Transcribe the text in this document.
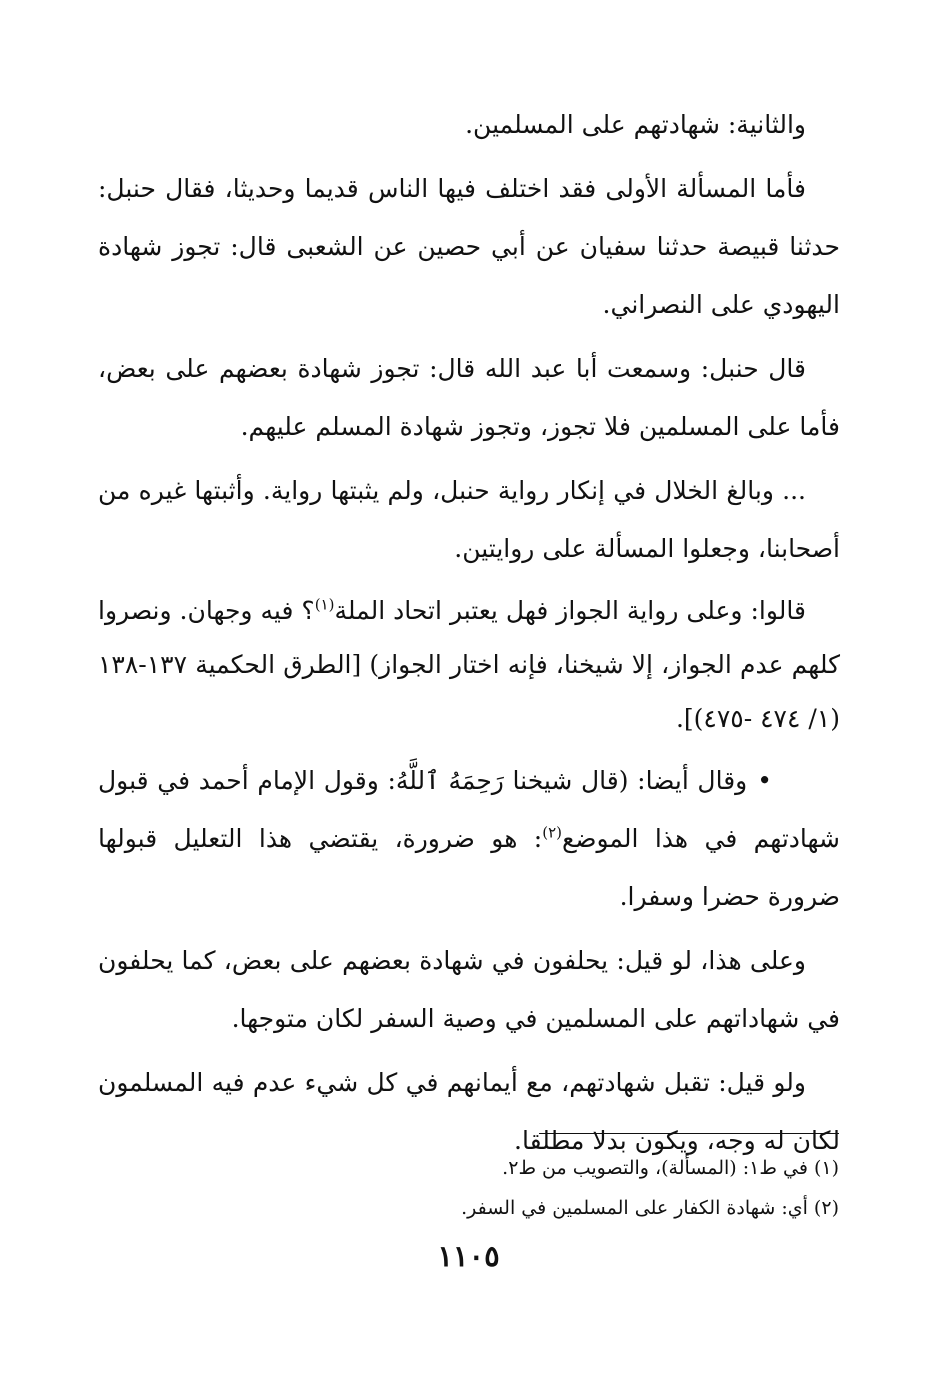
والثانية: شهادتهم على المسلمين.

فأما المسألة الأولى فقد اختلف فيها الناس قديما وحديثا، فقال حنبل: حدثنا قبيصة حدثنا سفيان عن أبي حصين عن الشعبى قال: تجوز شهادة اليهودي على النصراني.

قال حنبل: وسمعت أبا عبد الله قال: تجوز شهادة بعضهم على بعض، فأما على المسلمين فلا تجوز، وتجوز شهادة المسلم عليهم.

... وبالغ الخلال في إنكار رواية حنبل، ولم يثبتها رواية. وأثبتها غيره من أصحابنا، وجعلوا المسألة على روايتين.

قالوا: وعلى رواية الجواز فهل يعتبر اتحاد الملة$^{(١)}$؟ فيه وجهان. ونصروا كلهم عدم الجواز، إلا شيخنا، فإنه اختار الجواز) [الطرق الحكمية ١٣٧-١٣٨ (١/ ٤٧٤ -٤٧٥)].

•وقال أيضا: (قال شيخنا رَحِمَهُ ٱللَّهُ: وقول الإمام أحمد في قبول شهادتهم في هذا الموضع$^{(٢)}$: هو ضرورة، يقتضي هذا التعليل قبولها ضرورة حضرا وسفرا.

وعلى هذا، لو قيل: يحلفون في شهادة بعضهم على بعض، كما يحلفون في شهاداتهم على المسلمين في وصية السفر لكان متوجها.

ولو قيل: تقبل شهادتهم، مع أيمانهم في كل شيء عدم فيه المسلمون لكان له وجه، ويكون بدلا مطلقا.

(١) في ط١: (المسألة)، والتصويب من ط٢.

(٢) أي: شهادة الكفار على المسلمين في السفر.

١١٠٥
